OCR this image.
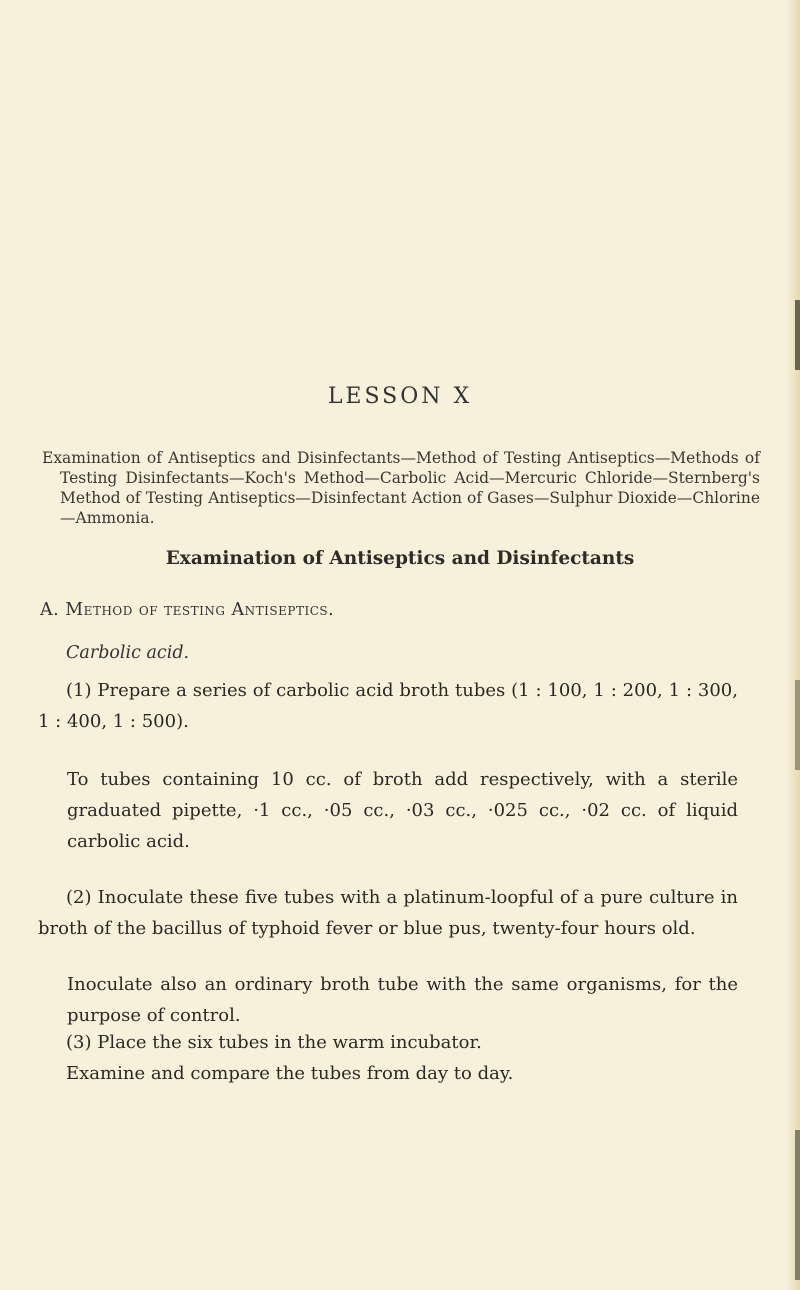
LESSON X
Examination of Antiseptics and Disinfectants—Method of Testing Antiseptics—Methods of Testing Disinfectants—Koch's Method—Carbolic Acid—Mercuric Chloride—Sternberg's Method of Testing Antiseptics—Disinfectant Action of Gases—Sulphur Dioxide—Chlorine—Ammonia.
Examination of Antiseptics and Disinfectants
A. Method of testing Antiseptics.
Carbolic acid.
(1) Prepare a series of carbolic acid broth tubes (1 : 100, 1 : 200, 1 : 300, 1 : 400, 1 : 500).
To tubes containing 10 cc. of broth add respectively, with a sterile graduated pipette, ·1 cc., ·05 cc., ·03 cc., ·025 cc., ·02 cc. of liquid carbolic acid.
(2) Inoculate these five tubes with a platinum-loopful of a pure culture in broth of the bacillus of typhoid fever or blue pus, twenty-four hours old.
Inoculate also an ordinary broth tube with the same organisms, for the purpose of control.
(3) Place the six tubes in the warm incubator.
Examine and compare the tubes from day to day.
